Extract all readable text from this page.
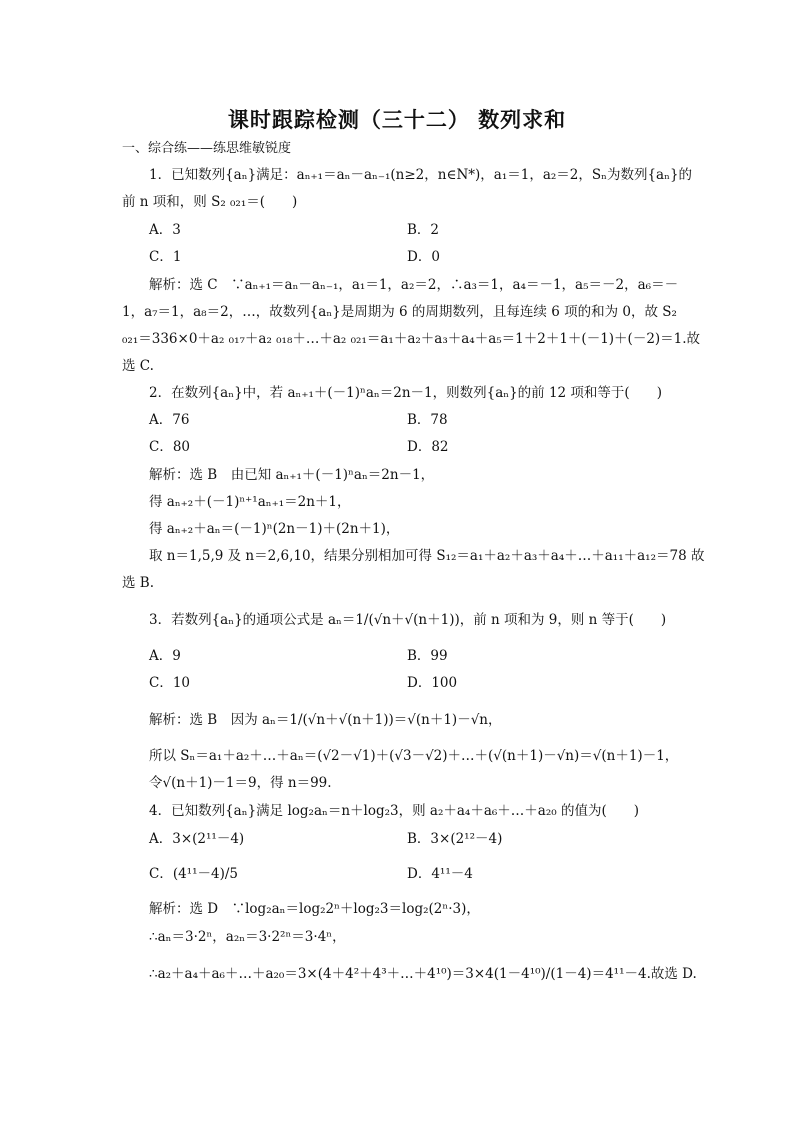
课时跟踪检测（三十二） 数列求和
一、综合练——练思维敏锐度
1．已知数列{aₙ}满足：aₙ₊₁＝aₙ－aₙ₋₁(n≥2，n∈N*)，a₁＝1，a₂＝2，Sₙ为数列{aₙ}的
前 n 项和，则 S₂ ₀₂₁＝(　　)
A．3	B．2
C．1	D．0
解析：选 C　∵aₙ₊₁＝aₙ－aₙ₋₁，a₁＝1，a₂＝2，∴a₃＝1，a₄＝－1，a₅＝－2，a₆＝－
1，a₇＝1，a₈＝2，…，故数列{aₙ}是周期为 6 的周期数列，且每连续 6 项的和为 0，故 S₂
₀₂₁＝336×0＋a₂ ₀₁₇＋a₂ ₀₁₈＋…＋a₂ ₀₂₁＝a₁＋a₂＋a₃＋a₄＋a₅＝1＋2＋1＋(－1)＋(－2)＝1.故
选 C.
2．在数列{aₙ}中，若 aₙ₊₁＋(－1)ⁿaₙ＝2n－1，则数列{aₙ}的前 12 项和等于(　　)
A．76	B．78
C．80	D．82
解析：选 B　由已知 aₙ₊₁＋(－1)ⁿaₙ＝2n－1，
得 aₙ₊₂＋(－1)ⁿ⁺¹aₙ₊₁＝2n＋1，
得 aₙ₊₂＋aₙ＝(－1)ⁿ(2n－1)＋(2n＋1)，
取 n＝1,5,9 及 n＝2,6,10，结果分别相加可得 S₁₂＝a₁＋a₂＋a₃＋a₄＋…＋a₁₁＋a₁₂＝78 故
选 B.
3．若数列{aₙ}的通项公式是 aₙ＝1/(√n＋√(n＋1))，前 n 项和为 9，则 n 等于(　　)
A．9	B．99
C．10	D．100
解析：选 B　因为 aₙ＝1/(√n＋√(n＋1))＝√(n＋1)－√n，
所以 Sₙ＝a₁＋a₂＋…＋aₙ＝(√2－√1)＋(√3－√2)＋…＋(√(n＋1)－√n)＝√(n＋1)－1，
令√(n＋1)－1＝9，得 n＝99.
4．已知数列{aₙ}满足 log₂aₙ＝n＋log₂3，则 a₂＋a₄＋a₆＋…＋a₂₀ 的值为(　　)
A．3×(2¹¹－4)	B．3×(2¹²－4)
C．(4¹¹－4)/5	D．4¹¹－4
解析：选 D　∵log₂aₙ＝log₂2ⁿ＋log₂3＝log₂(2ⁿ·3)，
∴aₙ＝3·2ⁿ，a₂ₙ＝3·2²ⁿ＝3·4ⁿ，
∴a₂＋a₄＋a₆＋…＋a₂₀＝3×(4＋4²＋4³＋…＋4¹⁰)＝3×4(1－4¹⁰)/(1－4)＝4¹¹－4.故选 D.
